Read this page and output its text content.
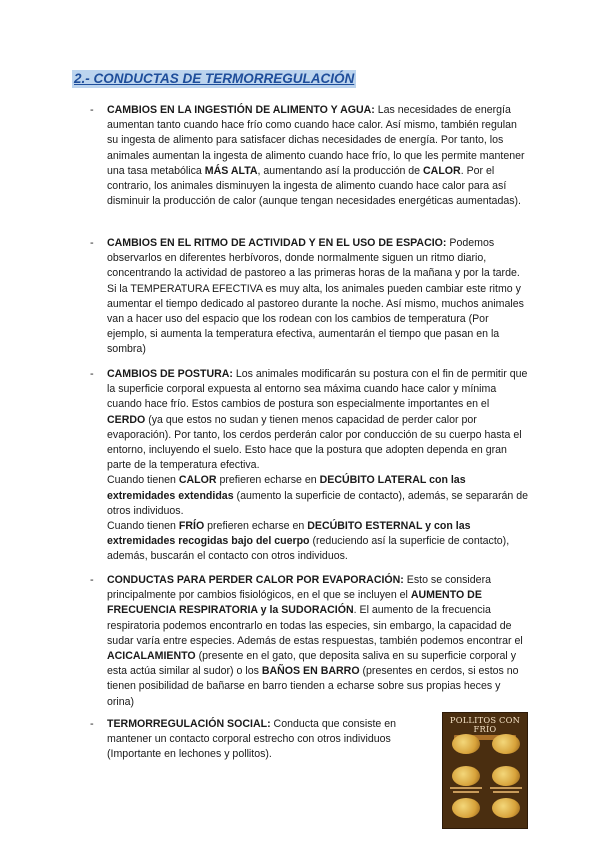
2.- CONDUCTAS DE TERMORREGULACIÓN
- CAMBIOS EN LA INGESTIÓN DE ALIMENTO Y AGUA: Las necesidades de energía aumentan tanto cuando hace frío como cuando hace calor. Así mismo, también regulan su ingesta de alimento para satisfacer dichas necesidades de energía. Por tanto, los animales aumentan la ingesta de alimento cuando hace frío, lo que les permite mantener una tasa metabólica MÁS ALTA, aumentando así la producción de CALOR. Por el contrario, los animales disminuyen la ingesta de alimento cuando hace calor para así disminuir la producción de calor (aunque tengan necesidades energéticas aumentadas).
- CAMBIOS EN EL RITMO DE ACTIVIDAD Y EN EL USO DE ESPACIO: Podemos observarlos en diferentes herbívoros, donde normalmente siguen un ritmo diario, concentrando la actividad de pastoreo a las primeras horas de la mañana y por la tarde. Si la TEMPERATURA EFECTIVA es muy alta, los animales pueden cambiar este ritmo y aumentar el tiempo dedicado al pastoreo durante la noche. Así mismo, muchos animales van a hacer uso del espacio que los rodean con los cambios de temperatura (Por ejemplo, si aumenta la temperatura efectiva, aumentarán el tiempo que pasan en la sombra)
- CAMBIOS DE POSTURA: Los animales modificarán su postura con el fin de permitir que la superficie corporal expuesta al entorno sea máxima cuando hace calor y mínima cuando hace frío. Estos cambios de postura son especialmente importantes en el CERDO (ya que estos no sudan y tienen menos capacidad de perder calor por evaporación). Por tanto, los cerdos perderán calor por conducción de su cuerpo hasta el entorno, incluyendo el suelo. Esto hace que la postura que adopten dependa en gran parte de la temperatura efectiva.
Cuando tienen CALOR prefieren echarse en DECÚBITO LATERAL con las extremidades extendidas (aumento la superficie de contacto), además, se separarán de otros individuos.
Cuando tienen FRÍO prefieren echarse en DECÚBITO ESTERNAL y con las extremidades recogidas bajo del cuerpo (reduciendo así la superficie de contacto), además, buscarán el contacto con otros individuos.
- CONDUCTAS PARA PERDER CALOR POR EVAPORACIÓN: Esto se considera principalmente por cambios fisiológicos, en el que se incluyen el AUMENTO DE FRECUENCIA RESPIRATORIA y la SUDORACIÓN. El aumento de la frecuencia respiratoria podemos encontrarlo en todas las especies, sin embargo, la capacidad de sudar varía entre especies. Además de estas respuestas, también podemos encontrar el ACICALAMIENTO (presente en el gato, que deposita saliva en su superficie corporal y esta actúa similar al sudor) o los BAÑOS EN BARRO (presentes en cerdos, si estos no tienen posibilidad de bañarse en barro tienden a echarse sobre sus propias heces y orina)
- TERMORREGULACIÓN SOCIAL: Conducta que consiste en mantener un contacto corporal estrecho con otros individuos (Importante en lechones y pollitos).
POLLITOS CON FRÍO
